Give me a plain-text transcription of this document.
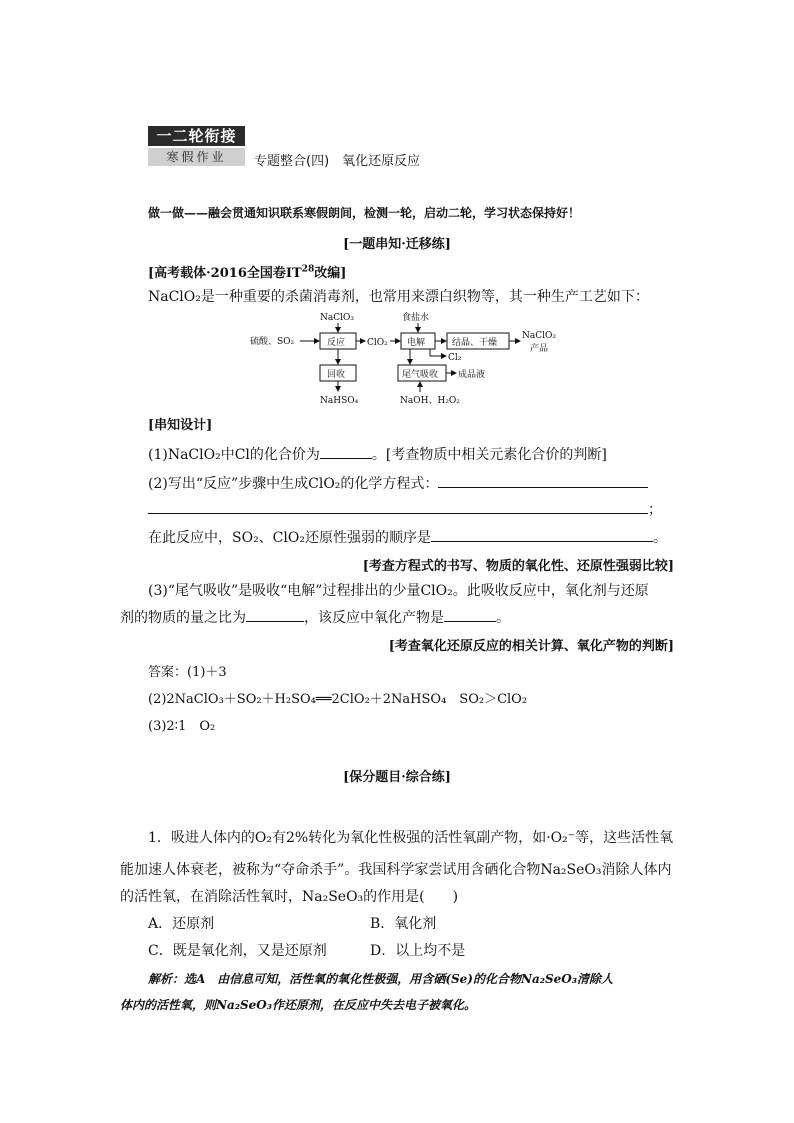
一二轮衔接
寒假作业	专题整合(四)　氧化还原反应
做一做——融会贯通知识联系寒假朗间，检测一轮，启动二轮，学习状态保持好！
[一题串知·迁移练]
[高考载体·2016全国卷$ⅠT^{28}$改编]
NaClO₂是一种重要的杀菌消毒剂，也常用来漂白织物等，其一种生产工艺如下：
NaClO₃
硫酸、SO₂	反应 ClO₂
食盐水
电解	结晶、干燥
NaClO₂
产品
Cl₂
回收
NaHSO₄
尾气吸收 成品液
NaOH、H₂O₂
[串知设计]
(1)NaClO₂中Cl的化合价为	。[考查物质中相关元素化合价的判断]
(2)写出“反应”步骤中生成ClO₂的化学方程式：
；
在此反应中，SO₂、ClO₂还原性强弱的顺序是	。
[考查方程式的书写、物质的氧化性、还原性强弱比较]
(3)“尾气吸收”是吸收“电解”过程排出的少量ClO₂。此吸收反应中，氧化剂与还原
剂的物质的量之比为	，该反应中氧化产物是	。
[考查氧化还原反应的相关计算、氧化产物的判断]
答案：(1)＋3
(2)2NaClO₃＋SO₂＋H₂SO₄══2ClO₂＋2NaHSO₄　SO₂＞ClO₂
(3)2∶1　O₂
[保分题目·综合练]
1．吸进人体内的O₂有2%转化为氧化性极强的活性氧副产物，如·O₂⁻等，这些活性氧
能加速人体衰老，被称为“夺命杀手”。我国科学家尝试用含硒化合物Na₂SeO₃消除人体内
的活性氧，在消除活性氧时，Na₂SeO₃的作用是(　　)
A．还原剂	B．氧化剂
C．既是氧化剂，又是还原剂	D．以上均不是
解析：选A　由信息可知，活性氧的氧化性极强，用含硒(Se)的化合物Na₂SeO₃清除人
体内的活性氧，则Na₂SeO₃作还原剂，在反应中失去电子被氧化。
